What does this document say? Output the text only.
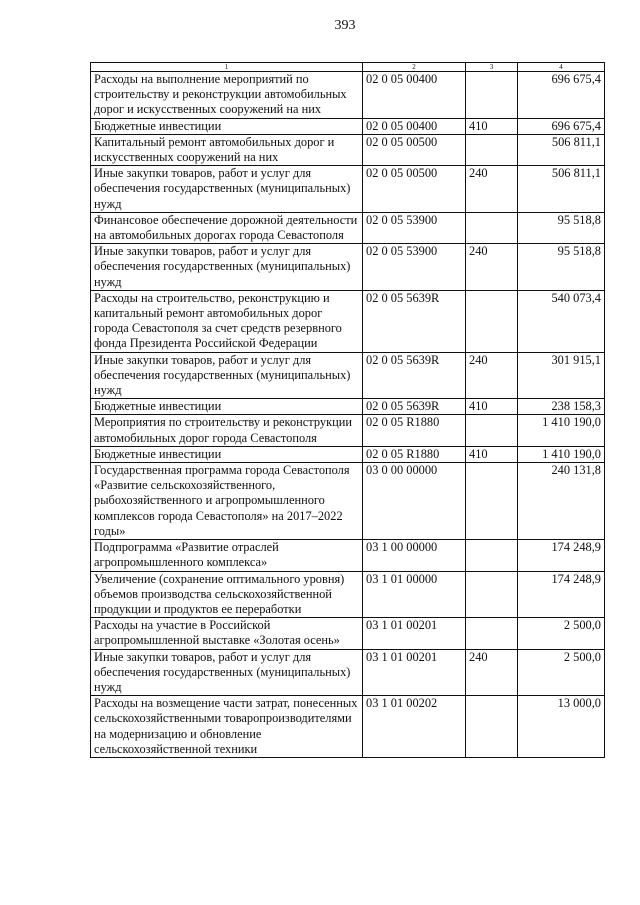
393
1	2	3	4
Расходы на выполнение мероприятий по строительству и реконструкции автомобильных дорог и искусственных сооружений на них	02 0 05 00400		696 675,4
Бюджетные инвестиции	02 0 05 00400	410	696 675,4
Капитальный ремонт автомобильных дорог и искусственных сооружений на них	02 0 05 00500		506 811,1
Иные закупки товаров, работ и услуг для обеспечения государственных (муниципальных) нужд	02 0 05 00500	240	506 811,1
Финансовое обеспечение дорожной деятельности на автомобильных дорогах города Севастополя	02 0 05 53900		95 518,8
Иные закупки товаров, работ и услуг для обеспечения государственных (муниципальных) нужд	02 0 05 53900	240	95 518,8
Расходы на строительство, реконструкцию и капитальный ремонт автомобильных дорог города Севастополя за счет средств резервного фонда Президента Российской Федерации	02 0 05 5639R		540 073,4
Иные закупки товаров, работ и услуг для обеспечения государственных (муниципальных) нужд	02 0 05 5639R	240	301 915,1
Бюджетные инвестиции	02 0 05 5639R	410	238 158,3
Мероприятия по строительству и реконструкции автомобильных дорог города Севастополя	02 0 05 R1880		1 410 190,0
Бюджетные инвестиции	02 0 05 R1880	410	1 410 190,0
Государственная программа города Севастополя «Развитие сельскохозяйственного, рыбохозяйственного и агропромышленного комплексов города Севастополя» на 2017–2022 годы»	03 0 00 00000		240 131,8
Подпрограмма «Развитие отраслей агропромышленного комплекса»	03 1 00 00000		174 248,9
Увеличение (сохранение оптимального уровня) объемов производства сельскохозяйственной продукции и продуктов ее переработки	03 1 01 00000		174 248,9
Расходы на участие в Российской агропромышленной выставке «Золотая осень»	03 1 01 00201		2 500,0
Иные закупки товаров, работ и услуг для обеспечения государственных (муниципальных) нужд	03 1 01 00201	240	2 500,0
Расходы на возмещение части затрат, понесенных сельскохозяйственными товаропроизводителями на модернизацию и обновление сельскохозяйственной техники	03 1 01 00202		13 000,0
